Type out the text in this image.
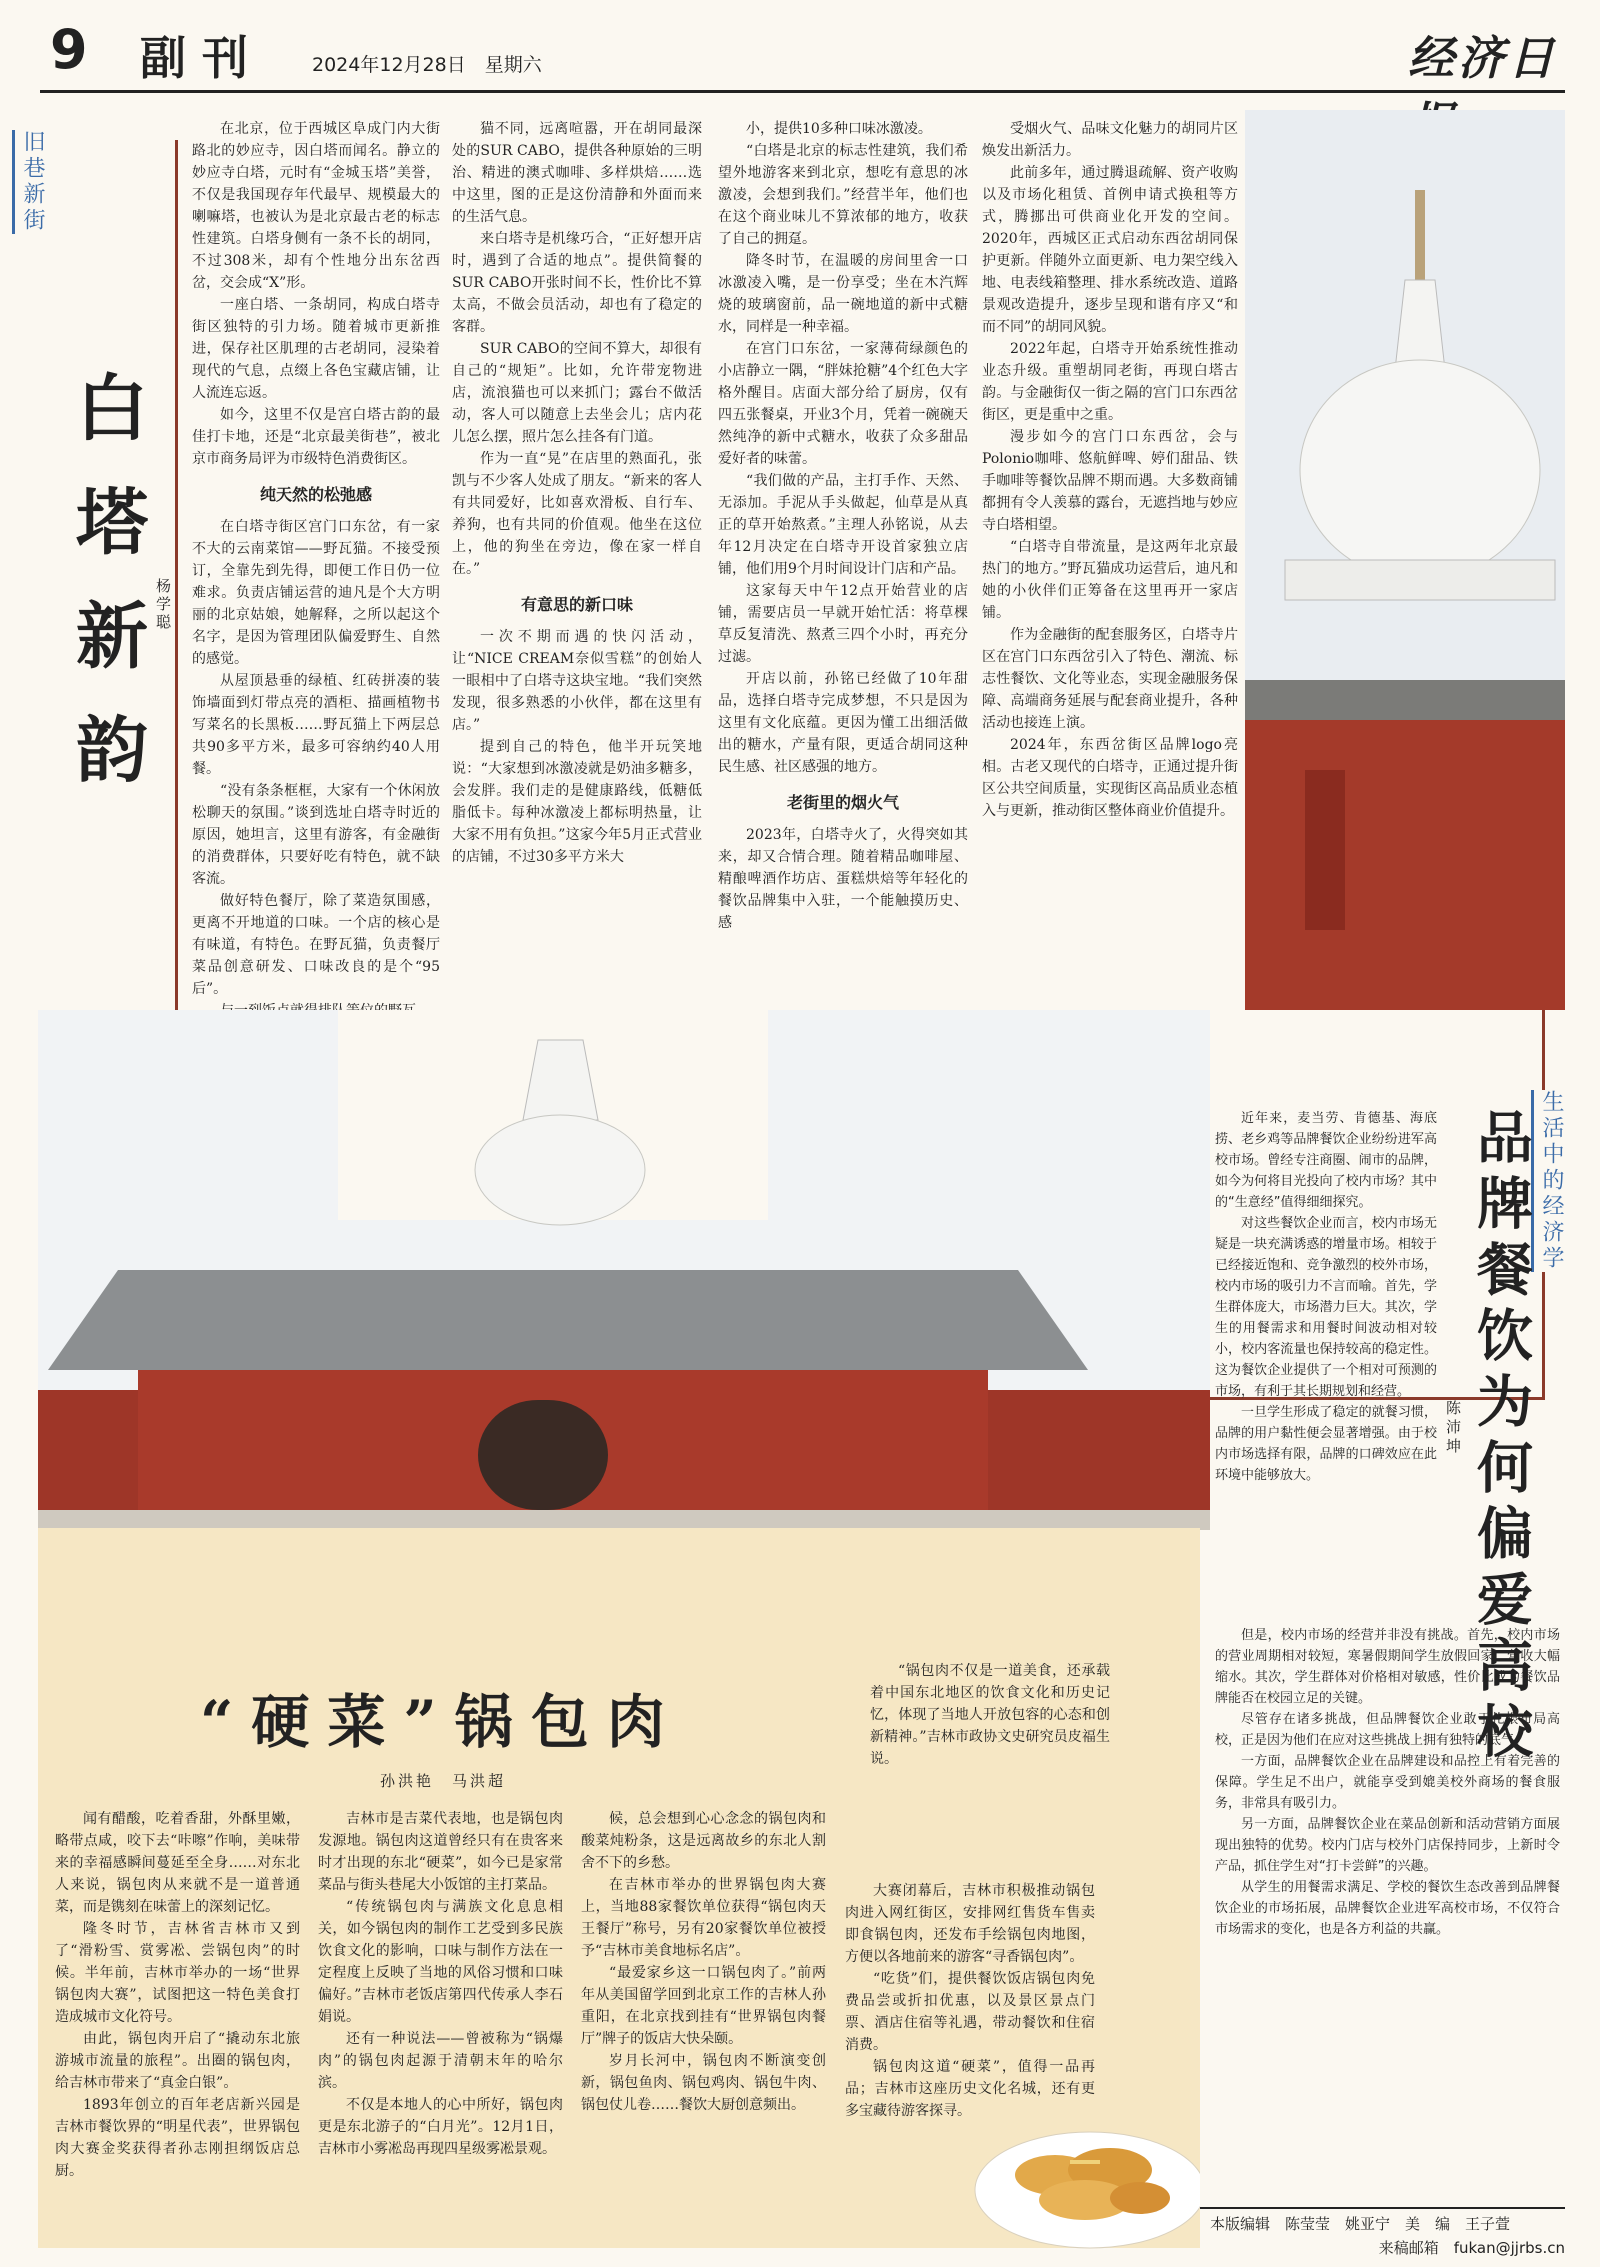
9 副刊	2024年12月28日　星期六	经济日
旧巷新街
白塔新韵 杨学聪

在北京，位于西城区阜成门内大街路北的妙应寺，因白塔而闻名。静立的妙应寺白塔，元时有“金城玉塔”美誉，不仅是我国现存年代最早、规模最大的喇嘛塔，也被认为是北京最古老的标志性建筑。白塔身侧有一条不长的胡同，不过308米，却有个性地分出东岔西岔，交会成“X”形。

一座白塔、一条胡同，构成白塔寺街区独特的引力场。随着城市更新推进，保存社区肌理的古老胡同，浸染着现代的气息，点缀上各色宝藏店铺，让人流连忘返。

如今，这里不仅是宫白塔古韵的最佳打卡地，还是“北京最美街巷”，被北京市商务局评为市级特色消费街区。

纯天然的松弛感

在白塔寺街区宫门口东岔，有一家不大的云南菜馆——野瓦猫。不接受预订，全靠先到先得，即便工作日仍一位难求。负责店铺运营的迪凡是个大方明丽的北京姑娘，她解释，之所以起这个名字，是因为管理团队偏爱野生、自然的感觉。

从屋顶悬垂的绿植、红砖拼凑的装饰墙面到灯带点亮的酒柜、描画植物书写菜名的长黑板……野瓦猫上下两层总共90多平方米，最多可容纳约40人用餐。

“没有条条框框，大家有一个休闲放松聊天的氛围。”谈到选址白塔寺时近的原因，她坦言，这里有游客，有金融街的消费群体，只要好吃有特色，就不缺客流。

做好特色餐厅，除了菜造氛围感，更离不开地道的口味。一个店的核心是有味道，有特色。在野瓦猫，负责餐厅菜品创意研发、口味改良的是个“95后”。

猫不同，远离喧嚣，开在胡同最深处的SUR CABO，提供各种原始的三明治、精进的澳式咖啡、多样烘焙……选中这里，图的正是这份清静和外面而来的生活气息。

来白塔寺是机缘巧合，“正好想开店时，遇到了合适的地点”。提供简餐的SUR CABO开张时间不长，性价比不算太高，不做会员活动，却也有了稳定的客群。

SUR CABO的空间不算大，却很有自己的“规矩”。比如，允许带宠物进店，流浪猫也可以来抓门；露台不做活动，客人可以随意上去坐会儿；店内花儿怎么摆，照片怎么挂各有门道。

作为一直“晃”在店里的熟面孔，张凯与不少客人处成了朋友。“新来的客人有共同爱好，比如喜欢滑板、自行车、养狗，也有共同的价值观。他坐在这位上，他的狗坐在旁边，像在家一样自在。”

有意思的新口味

一次不期而遇的快闪活动，让“NICE CREAM奈似雪糕”的创始人一眼相中了白塔寺这块宝地。“我们突然发现，很多熟悉的小伙伴，都在这里有店。”

提到自己的特色，他半开玩笑地说：“大家想到冰激凌就是奶油多糖多，会发胖。我们走的是健康路线，低糖低脂低卡。每种冰激凌上都标明热量，让大家不用有负担。”这家今年5月正式营业的店铺，不过30多平方米大

小，提供10多种口味冰激凌。

“白塔是北京的标志性建筑，我们希望外地游客来到北京，想吃有意思的冰激凌，会想到我们。”经营半年，他们也在这个商业味儿不算浓郁的地方，收获了自己的拥趸。

降冬时节，在温暖的房间里舍一口冰激凌入嘴，是一份享受；坐在木汽辉烧的玻璃窗前，品一碗地道的新中式糖水，同样是一种幸福。

在宫门口东岔，一家薄荷绿颜色的小店静立一隅，“胖妹抢糖”4个红色大字格外醒目。店面大部分给了厨房，仅有四五张餐桌，开业3个月，凭着一碗碗天然纯净的新中式糖水，收获了众多甜品爱好者的味蕾。

“我们做的产品，主打手作、天然、无添加。手泥从手头做起，仙草是从真正的草开始熬煮。”主理人孙铭说，从去年12月决定在白塔寺开设首家独立店铺，他们用9个月时间设计门店和产品。

这家每天中午12点开始营业的店铺，需要店员一早就开始忙活：将草棵草反复清洗、熬煮三四个小时，再充分过滤。

开店以前，孙铭已经做了10年甜品，选择白塔寺完成梦想，不只是因为这里有文化底蕴。更因为懂工出细活做出的糖水，产量有限，更适合胡同这种民生感、社区感强的地方。

老街里的烟火气

2023年，白塔寺火了，火得突如其来，却又合情合理。随着精品咖啡屋、精酿啤酒作坊店、蛋糕烘焙等年轻化的餐饮品牌集中入驻，一个能触摸历史、感

受烟火气、品味文化魅力的胡同片区焕发出新活力。

此前多年，通过腾退疏解、资产收购以及市场化租赁、首例申请式换租等方式，腾挪出可供商业化开发的空间。2020年，西城区正式启动东西岔胡同保护更新。伴随外立面更新、电力架空线入地、电表线箱整理、排水系统改造、道路景观改造提升，逐步呈现和谐有序又“和而不同”的胡同风貌。

2022年起，白塔寺开始系统性推动业态升级。重塑胡同老街，再现白塔古韵。与金融街仅一街之隔的宫门口东西岔街区，更是重中之重。

漫步如今的宫门口东西岔，会与Polonio咖啡、悠航鲜啤、婷们甜品、铁手咖啡等餐饮品牌不期而遇。大多数商铺都拥有令人羡慕的露台，无遮挡地与妙应寺白塔相望。

“白塔寺自带流量，是这两年北京最热门的地方。”野瓦猫成功运营后，迪凡和她的小伙伴们正筹备在这里再开一家店铺。

作为金融街的配套服务区，白塔寺片区在宫门口东西岔引入了特色、潮流、标志性餐饮、文化等业态，实现金融服务保障、高端商务延展与配套商业提升，各种活动也接连上演。

2024年，东西岔街区品牌logo亮相。古老又现代的白塔寺，正通过提升街区公共空间质量，实现街区高品质业态植入与更新，推动街区整体商业价值提升。

生活中的经济学
品牌餐饮为何偏爱高校
陈沛坤

近年来，麦当劳、肯德基、海底捞、老乡鸡等品牌餐饮企业纷纷进军高校市场。曾经专注商圈、闹市的品牌，如今为何将目光投向了校内市场？其中的“生意经”值得细细探究。

对这些餐饮企业而言，校内市场无疑是一块充满诱惑的增量市场。相较于已经接近饱和、竞争激烈的校外市场，校内市场的吸引力不言而喻。首先，学生群体庞大，市场潜力巨大。其次，学生的用餐需求和用餐时间波动相对较小，校内客流量也保持较高的稳定性。这为餐饮企业提供了一个相对可预测的市场，有利于其长期规划和经营。

一旦学生形成了稳定的就餐习惯，品牌的用户黏性便会显著增强。由于校内市场选择有限，品牌的口碑效应在此环境中能够放大。

但是，校内市场的经营并非没有挑战。首先，校内市场的营业周期相对较短，寒暑假期间学生放假回家，营收大幅缩水。其次，学生群体对价格相对敏感，性价比成为餐饮品牌能否在校园立足的关键。

尽管存在诸多挑战，但品牌餐饮企业敢于扎根布局高校，正是因为他们在应对这些挑战上拥有独特的底气。

一方面，品牌餐饮企业在品牌建设和品控上有着完善的保障。学生足不出户，就能享受到媲美校外商场的餐食服务，非常具有吸引力。

另一方面，品牌餐饮企业在菜品创新和活动营销方面展现出独特的优势。校内门店与校外门店保持同步，上新时令产品，抓住学生对“打卡尝鲜”的兴趣。

从学生的用餐需求满足、学校的餐饮生态改善到品牌餐饮企业的市场拓展，品牌餐饮企业进军高校市场，不仅符合市场需求的变化，也是各方利益的共赢。

“硬菜”锅包肉
孙洪艳　马洪超
“锅包肉不仅是一道美食，还承载着中国东北地区的饮食文化和历史记忆，体现了当地人开放包容的心态和创新精神。”吉林市政协文史研究员皮福生说。

闻有醋酸，吃着香甜，外酥里嫩，略带点咸，咬下去“咔嚓”作响，美味带来的幸福感瞬间蔓延至全身……对东北人来说，锅包肉从来就不是一道普通菜，而是镌刻在味蕾上的深刻记忆。

隆冬时节，吉林省吉林市又到了“滑粉雪、赏雾凇、尝锅包肉”的时候。半年前，吉林市举办的一场“世界锅包肉大赛”，试图把这一特色美食打造成城市文化符号。

由此，锅包肉开启了“撬动东北旅游城市流量的旅程”。出圈的锅包肉，给吉林市带来了“真金白银”。

1893年创立的百年老店新兴园是吉林市餐饮界的“明星代表”，世界锅包肉大赛金奖获得者孙志刚担纲饭店总厨。

吉林市是吉菜代表地，也是锅包肉发源地。锅包肉这道曾经只有在贵客来时才出现的东北“硬菜”，如今已是家常菜品与街头巷尾大小饭馆的主打菜品。

“传统锅包肉与满族文化息息相关，如今锅包肉的制作工艺受到多民族饮食文化的影响，口味与制作方法在一定程度上反映了当地的风俗习惯和口味偏好。”吉林市老饭店第四代传承人李石娟说。

还有一种说法——曾被称为“锅爆肉”的锅包肉起源于清朝末年的哈尔滨。

不仅是本地人的心中所好，锅包肉更是东北游子的“白月光”。12月1日，吉林市小雾凇岛再现四星级雾凇景观。

候，总会想到心心念念的锅包肉和酸菜炖粉条，这是远离故乡的东北人割舍不下的乡愁。

在吉林市举办的世界锅包肉大赛上，当地88家餐饮单位获得“锅包肉天王餐厅”称号，另有20家餐饮单位被授予“吉林市美食地标名店”。

“最爱家乡这一口锅包肉了。”前两年从美国留学回到北京工作的吉林人孙重阳，在北京找到挂有“世界锅包肉餐厅”牌子的饭店大快朵颐。

岁月长河中，锅包肉不断演变创新，锅包鱼肉、锅包鸡肉、锅包牛肉、锅包仗儿卷……餐饮大厨创意频出。

大赛闭幕后，吉林市积极推动锅包肉进入网红街区，安排网红售货车售卖即食锅包肉，还发布手绘锅包肉地图，方便以各地前来的游客“寻香锅包肉”。

“吃货”们，提供餐饮饭店锅包肉免费品尝或折扣优惠，以及景区景点门票、酒店住宿等礼遇，带动餐饮和住宿消费。

锅包肉这道“硬菜”，值得一品再品；吉林市这座历史文化名城，还有更多宝藏待游客探寻。

本版编辑　陈莹莹　姚亚宁　美　编　王子萱
来稿邮箱　fukan@jjrbs.cn
